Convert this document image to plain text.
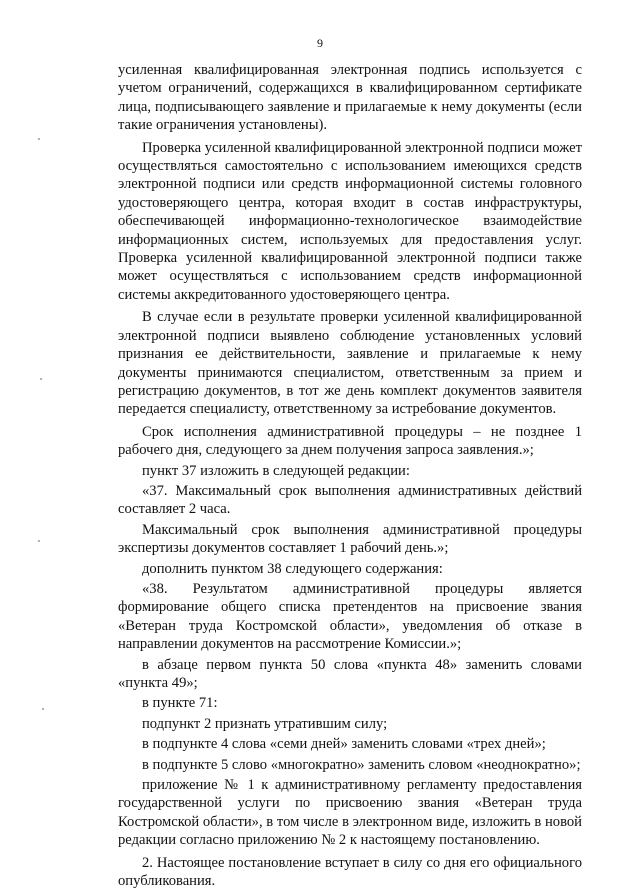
9

усиленная квалифицированная электронная подпись используется с учетом ограничений, содержащихся в квалифицированном сертификате лица, подписывающего заявление и прилагаемые к нему документы (если такие ограничения установлены).

Проверка усиленной квалифицированной электронной подписи может осуществляться самостоятельно с использованием имеющихся средств электронной подписи или средств информационной системы головного удостоверяющего центра, которая входит в состав инфраструктуры, обеспечивающей информационно-технологическое взаимодействие информационных систем, используемых для предоставления услуг. Проверка усиленной квалифицированной электронной подписи также может осуществляться с использованием средств информационной системы аккредитованного удостоверяющего центра.

В случае если в результате проверки усиленной квалифицированной электронной подписи выявлено соблюдение установленных условий признания ее действительности, заявление и прилагаемые к нему документы принимаются специалистом, ответственным за прием и регистрацию документов, в тот же день комплект документов заявителя передается специалисту, ответственному за истребование документов.

Срок исполнения административной процедуры – не позднее 1 рабочего дня, следующего за днем получения запроса заявления.»;

пункт 37 изложить в следующей редакции:

«37. Максимальный срок выполнения административных действий составляет 2 часа.

Максимальный срок выполнения административной процедуры экспертизы документов составляет 1 рабочий день.»;

дополнить пунктом 38 следующего содержания:

«38. Результатом административной процедуры является формирование общего списка претендентов на присвоение звания «Ветеран труда Костромской области», уведомления об отказе в направлении документов на рассмотрение Комиссии.»;

в абзаце первом пункта 50 слова «пункта 48» заменить словами «пункта 49»;

в пункте 71:

подпункт 2 признать утратившим силу;

в подпункте 4 слова «семи дней» заменить словами «трех дней»;

в подпункте 5 слово «многократно» заменить словом «неоднократно»;

приложение № 1 к административному регламенту предоставления государственной услуги по присвоению звания «Ветеран труда Костромской области», в том числе в электронном виде, изложить в новой редакции согласно приложению № 2 к настоящему постановлению.

2. Настоящее постановление вступает в силу со дня его официального опубликования.
